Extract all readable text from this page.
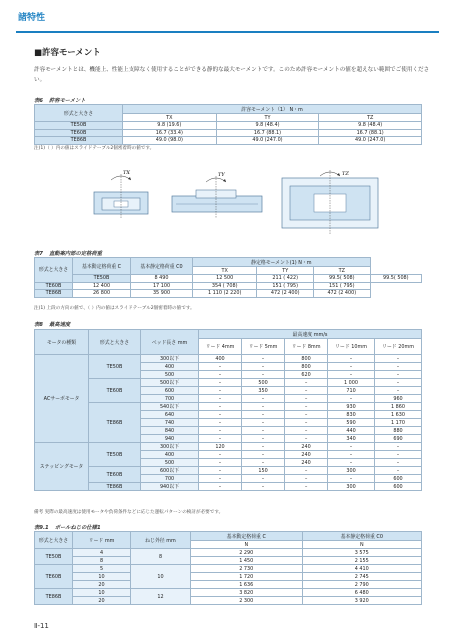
諸特性
■許容モーメント
許容モーメントとは、機能上、性能上支障なく使用することができる静的な最大モーメントです。このため許容モーメントの値を超えない範囲でご使用ください。
表6 許容モーメント
形式と大きさ	許容モーメント（1） N・m		
	TX	TY	TZ
TE50B	9.8 (19.6)	9.8 (48.4)	9.8 (48.4)
TE60B	16.7 (33.4)	16.7 (88.1)	16.7 (88.1)
TE86B	49.0 (98.0)	49.0 (247.0)	49.0 (247.0)
注(1)（ ）内の値はスライドテーブル2個密着時の値です。
TX	TY	TZ
表7 直動案内部の定格荷重
形式と大きさ	基本動定格荷重 C	基本静定格荷重 C0	静定格モーメント(1) N・m			
			TX	TY	TZ	
	TE50B	8 490	12 500	211 ( 422)	99.5( 508)	99.5( 508)
TE60B	12 400	17 100	354 ( 708)	151 ( 795)	151 ( 795)	
TE86B	26 800	35 900	1 110 (2 220)	472 (2 400)	472 (2 400)	
注(1) 上段の方向の値で、（ ）内の値はスライドテーブル2個密着時の値です。
表8 最高速度
モータの種類	形式と大きさ	ベッド長さ mm	最高速度 mm/s				
			リード 4mm	リード 5mm	リード 8mm	リード 10mm	リード 20mm
ACサーボモータ	TE50B	300以下	400	–	800	–	–
		400	–	–	800	–	–
		500	–	–	620	–	–
	TE60B	500以下	–	500	–	1 000	–
		600	–	350	–	710	–
		700	–	–	–	–	960
	TE86B	540以下	–	–	–	930	1 860
		640	–	–	–	830	1 630
		740	–	–	–	590	1 170
		840	–	–	–	440	880
		940	–	–	–	340	690
ステッピングモータ	TE50B	300以下	120	–	240	–	–
		400	–	–	240	–	–
		500	–	–	240	–	–
	TE60B	600以下	–	150	–	300	–
		700	–	–	–	–	600
	TE86B	940以下	–	–	–	300	600
備考 実際の最高速度は使用モータや負荷条件などに応じた運転パターンの検討が必要です。
表9.1 ボールねじの仕様1
形式と大きさ	リード mm	ねじ外径 mm	基本動定格荷重 C	基本静定格荷重 C0
			N	N
TE50B	4	8	2 290	3 575
	8		1 450	2 155
TE60B	5	10	2 730	4 410
	10		1 720	2 745
	20		1 636	2 790
TE86B	10	12	3 820	6 480
	20		2 300	3 920
Ⅱ-11
